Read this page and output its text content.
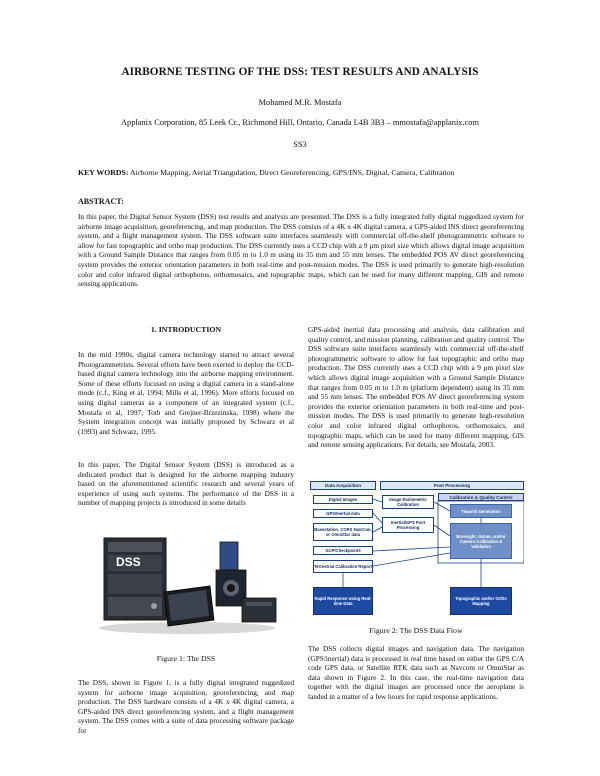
AIRBORNE TESTING OF THE DSS: TEST RESULTS AND ANALYSIS
Mohamed M.R. Mostafa
Applanix Corporation, 85 Leek Cr., Richmond Hill, Ontario, Canada L4B 3B3 – mmostafa@applanix.com
SS3
KEY WORDS: Airborne Mapping, Aerial Triangulation, Direct Georeferencing, GPS/INS, Digital, Camera, Calibration
ABSTRACT:
In this paper, the Digital Sensor System (DSS) test results and analysis are presented. The DSS is a fully integrated fully digital ruggedized system for airborne image acquisition, georeferencing, and map production. The DSS consists of a 4K x 4K digital camera, a GPS-aided INS direct georeferencing system, and a flight management system. The DSS software suite interfaces seamlessly with commercial off-the-shelf photogrammetric software to allow for fast topographic and ortho map production. The DSS currently uses a CCD chip with a 9 μm pixel size which allows digital image acquisition with a Ground Sample Distance that ranges from 0.05 m to 1.0 m using its 35 mm and 55 mm lenses. The embedded POS AV direct georeferencing system provides the exterior orientation parameters in both real-time and post-mission modes. The DSS is used primarily to generate high-resolution color and color infrared digital orthophotos, orthomosaics, and topographic maps, which can be used for many different mapping, GIS and remote sensing applications.
1. INTRODUCTION
In the mid 1990s, digital camera technology started to attract several Photogrammetrists. Several efforts have been exerted to deploy the CCD-based digital camera technology into the airborne mapping environment. Some of these efforts focused on using a digital camera in a stand-alone mode (c.f., King et al, 1994; Mills et al, 1996). More efforts focused on using digital cameras as a component of an integrated system (c.f., Mostafa et al, 1997; Toth and Grejner-Brzezinska, 1998) where the System integration concept was initially proposed by Schwarz et al (1993) and Schwarz, 1995.
In this paper, The Digital Sensor System (DSS) is introduced as a dedicated product that is designed for the airborne mapping industry based on the aforementioned scientific research and several years of experience of using such systems. The performance of the DSS in a number of mapping projects is introduced in some details
DSS
Figure 1: The DSS
The DSS, shown in Figure 1, is a fully digital integrated ruggedized system for airborne image acquisition, georeferencing, and map production. The DSS hardware consists of a 4K x 4K digital camera, a GPS-aided INS direct georeferencing system, and a flight management system. The DSS comes with a suite of data processing software package for
GPS-aided inertial data processing and analysis, data calibration and quality control, and mission planning, calibration and quality control. The DSS software suite interfaces seamlessly with commercial off-the-shelf photogrammetric software to allow for fast topographic and ortho map production. The DSS currently uses a CCD chip with a 9 μm pixel size which allows digital image acquisition with a Ground Sample Distance that ranges from 0.05 m to 1.0 m (platform dependent) using its 35 mm and 55 mm lenses. The embedded POS AV direct georeferencing system provides the exterior orientation parameters in both real-time and post-mission modes. The DSS is used primarily to generate high-resolution color and color infrared digital orthophotos, orthomosaics, and topographic maps, which can be used for many different mapping, GIS and remote sensing applications. For details, see Mostafa, 2003.
Data Acquisition	Post Processing
Digital Images
GPS/Inertial data
Basestation, CORS NavCom, or OmniStar data
GCP/Checkpoints
Terrestrial Calibration Report
Rapid Response Using Real-time Data
Image Radiometric Calibration
Inertial/GPS Post Processing
Calibration & Quality Control
Tiepoint Generation
Boresight, datum, and/or Camera Calibration & Validation
Topographic and/or Ortho Mapping
Figure 2: The DSS Data Flow
The DSS collects digital images and navigation data. The navigation (GPS/inertial) data is processed in real time based on either the GPS C/A code GPS data, or Satellite RTK data such as Navcom or OmniStar as data shown in Figure 2. In this case, the real-time navigation data together with the digital images are processed once the aeroplane is landed in a matter of a few hours for rapid response applications.
